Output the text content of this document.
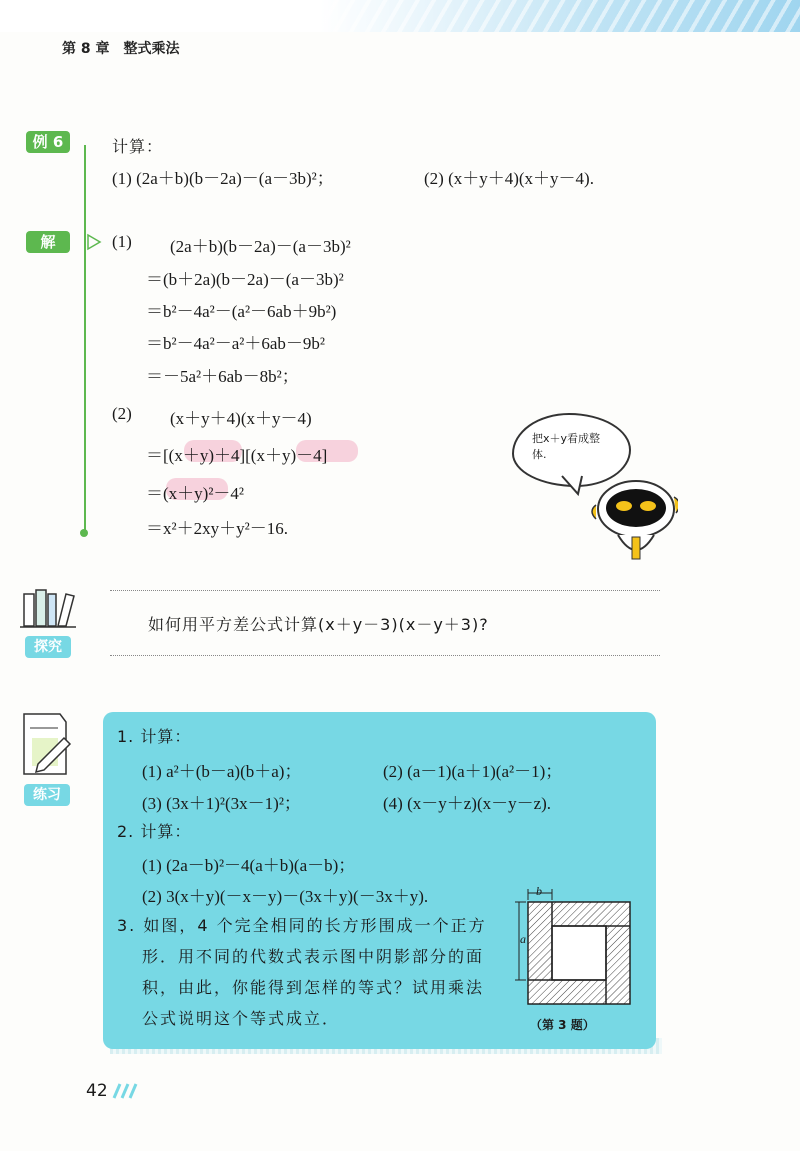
第 8 章　整式乘法
例 6	计算：
(1) (2a＋b)(b－2a)－(a－3b)²；	(2) (x＋y＋4)(x＋y－4).
解	(1) (2a＋b)(b－2a)－(a－3b)²
＝(b＋2a)(b－2a)－(a－3b)²
＝b²－4a²－(a²－6ab＋9b²)
＝b²－4a²－a²＋6ab－9b²
＝－5a²＋6ab－8b²；
(2) (x＋y＋4)(x＋y－4)
＝[(x＋y)＋4][(x＋y)－4]
＝(x＋y)²－4²
＝x²＋2xy＋y²－16.
把x＋y看成整体.
探究
如何用平方差公式计算(x＋y－3)(x－y＋3)?
练习
1. 计算：
(1) a²＋(b－a)(b＋a)；	(2) (a－1)(a＋1)(a²－1)；
(3) (3x＋1)²(3x－1)²；	(4) (x－y＋z)(x－y－z).
2. 计算：
(1) (2a－b)²－4(a＋b)(a－b)；
(2) 3(x＋y)(－x－y)－(3x＋y)(－3x＋y).
3. 如图，4 个完全相同的长方形围成一个正方
形．用不同的代数式表示图中阴影部分的面
积，由此，你能得到怎样的等式？试用乘法
公式说明这个等式成立．
b
a
（第 3 题）
42
